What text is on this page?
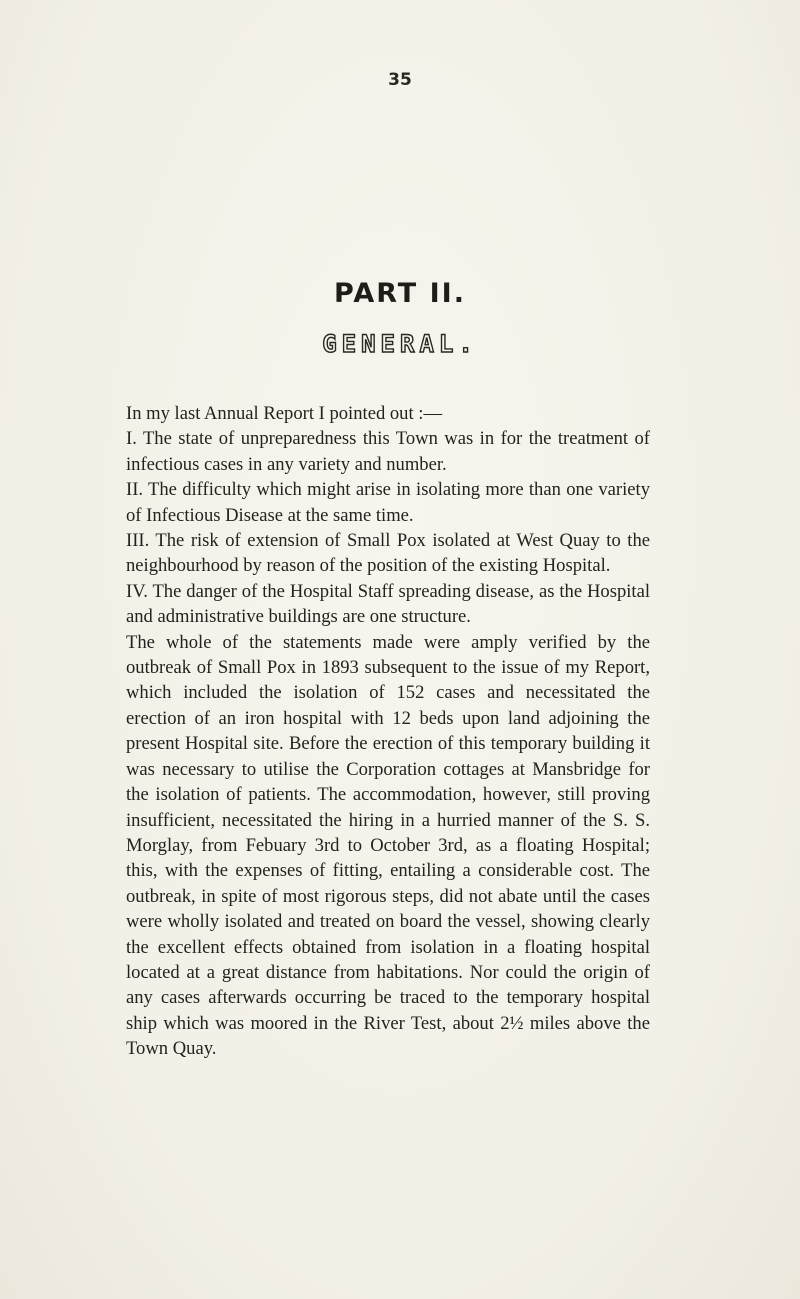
35
PART II.
GENERAL.

In my last Annual Report I pointed out :—

I. The state of unpreparedness this Town was in for the treatment of infectious cases in any variety and number.

II. The difficulty which might arise in isolating more than one variety of Infectious Disease at the same time.

III. The risk of extension of Small Pox isolated at West Quay to the neighbourhood by reason of the position of the existing Hospital.

IV. The danger of the Hospital Staff spreading disease, as the Hospital and administrative buildings are one structure.

The whole of the statements made were amply verified by the outbreak of Small Pox in 1893 subsequent to the issue of my Report, which included the isolation of 152 cases and necessitated the erection of an iron hospital with 12 beds upon land adjoining the present Hospital site. Before the erection of this temporary building it was necessary to utilise the Corporation cottages at Mansbridge for the isolation of patients. The accommodation, however, still proving insufficient, necessitated the hiring in a hurried manner of the S. S. Morglay, from Febuary 3rd to October 3rd, as a floating Hospital; this, with the expenses of fitting, entailing a considerable cost. The outbreak, in spite of most rigorous steps, did not abate until the cases were wholly isolated and treated on board the vessel, showing clearly the excellent effects obtained from isolation in a floating hospital located at a great distance from habitations. Nor could the origin of any cases afterwards occurring be traced to the temporary hospital ship which was moored in the River Test, about 2½ miles above the Town Quay.
